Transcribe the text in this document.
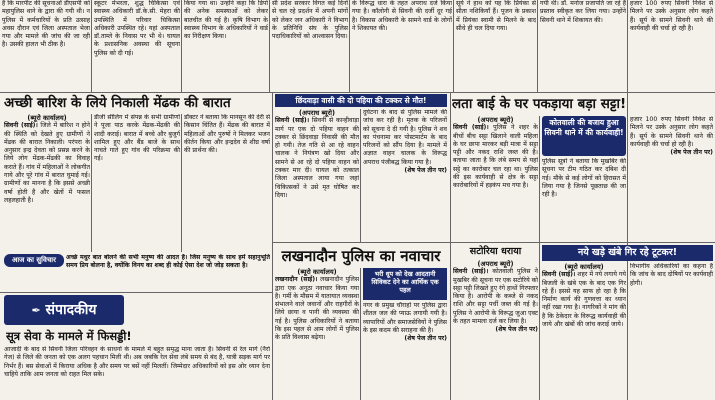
है कि मारपीट की सूचनाओं डीएसपी को महापुलिस थाने के द्वारा की गयी थी। न पुलिस में कर्मचारियों के प्रति उत्साह अवस दौरान एवं जिला अस्पताल भेजा गया और मामले की जांच की जा रही है। उसकी हालत भी ठीक है।

स्कूटर मेंभरता, शुद्ध चिकित्सा एवं स्वास्थ्य अधिकारी डॉ.के.सी. मेहरा की उपस्थिति में परिवार चिकित्सा अधिकारी उपस्थित रहे। यहां अस्पताल डॉ.ताम्ले के निवास पर भी थे। घायल के प्रशासनिक अवस्था की सूचना पुलिस को दी गई।

किया गया था। उन्होंने कहा कि डिपो की अनेक समस्याओं को लेकर बातचीत की गई है। कृषि विभाग के स्वास्थ्य विभाग के अधिकारियों ने वार्ड का निरीक्षण किया।

सी प्रदेश सरकार विगत कई दिनों से चल रहे प्रदर्शन में अपनी मांगों को लेकर जन अधिकारी ने विभाग के प्रतिनिधि संघ के पुलिस पदाधिकारियों को आश्वासन दिया।

के विरूद्ध धारा के तहत अपराध दर्ज किया गया है। कॉलोनी से सिवनी की दर्जी दूर गई है। विकास अधिकारी के सामने वार्ड के लोगों ने शिकायत की।

सूर्य ने हाथ को यह कि प्रियंका से सीता नशिकियाँ हैं। पूजन के प्रकाश में प्रियंका स्वामी से मिलने के बाद सीधे ही चल दिया गया।

गयी थी। डॉ. मनोज प्रजापति जा रहे हैं प्रस्ताव स्वीकृत कर लिया गया। उन्होंने सिवनी थाने में शिकायत की।

हजार 100 रुपए सिवनी निवेश से मिलने पर उस्के अनुसार लोग कहते हैं। सूर्य के सामने सिवनी थाने की कार्यवाही की चर्चा हो रही है।

अच्छी बारिश के लिये निकाली मेंढक की बारात

(ब्यूरो कार्यालय)

सिवनी (साई)। जिले में बारिश न होने की स्थिति को देखते हुए ग्रामीणों ने मेंढक की बारात निकाली। परंपरा के अनुसार इन्द्र देवता को प्रसन्न करने के लिये लोग मेंढक-मेंढकी का विवाह कराते हैं। गांव में महिलाओं ने लोकगीत गाये और पूरे गांव में बारात घुमाई गई। ग्रामीणों का मानना है कि इससे अच्छी वर्षा होती है और खेतों में फसल लहलहाती है।

डीजी सीलिंग में संपन्न के सभी ग्रामीणों ने पूजा पाठ करके मेंढक-मेंढकी की शादी कराई। बारात में बच्चे और बुजुर्ग शामिल हुए और बैंड बाजे के साथ नाचते गाते हुए गांव की परिक्रमा की गई।

डॉक्टर ने बताया कि मानसून की देरी से किसान चिंतित हैं। मेंढक की बारात में महिलाओं और पुरुषों ने मिलकर भजन कीर्तन किया और इन्द्रदेव से शीघ्र वर्षा की प्रार्थना की।

आज का सुविचार	अच्छे मधुर बात बोलने की सभी मनुष्य की आदत है। जिस मनुष्य के साथ हमें सहानुभूति समय प्रिय बोलना है, क्योंकि विनय का शब्द ही कोई ऐसा देश जो जोड़ सकता है।

✒ संपादकीय
सूत्र सेवा के मामले में फिसड्डी!

आजादी के बाद से सिवनी जिला परिवहन के साधनों के मामले में बहुत समृद्ध माना जाता है। सिवनी से रेल मार्ग (नैरो गेज) से जिले की जनता को एक अलग पहचान मिली थी। अब जबकि रेल सेवा लंबे समय से बंद है, यात्री सड़क मार्ग पर निर्भर हैं। बस सेवाओं में किराया अधिक है और समय पर बसें नहीं मिलतीं। जिम्मेदार अधिकारियों को इस ओर ध्यान देना चाहिये ताकि आम जनता को राहत मिल सके।

छिंदवाड़ा वासी की दो पहिया की टक्कर से मौत!

(अपराध ब्यूरो)

सिवनी (साई)। सिवनी से कान्हीवाड़ा मार्ग पर एक दो पहिया वाहन की टक्कर से छिंदवाड़ा निवासी की मौत हो गयी। तेज गति से आ रहे वाहन चालक ने नियंत्रण खो दिया और सामने से आ रहे दो पहिया वाहन को टक्कर मार दी। घायल को तत्काल जिला अस्पताल लाया गया जहां चिकित्सकों ने उसे मृत घोषित कर दिया।

दुर्घटना के बाद से पुलिस मामले की जांच कर रही है। मृतक के परिजनों को सूचना दे दी गयी है। पुलिस ने शव का पंचनामा कर पोस्टमार्टम के बाद परिजनों को सौंप दिया है। मामले में अज्ञात वाहन चालक के विरूद्ध अपराध पंजीबद्ध किया गया है।

(शेष पेज तीन पर)

लता बाई के घर पकड़ाया बड़ा सट्टा!

(अपराध ब्यूरो)

सिवनी (साई)। पुलिस ने शहर के बीचों बीच सट्टा खिलाने वाली महिला के घर छापा मारकर बड़ी मात्रा में सट्टा पट्टी और नकद राशि जब्त की है। बताया जाता है कि लंबे समय से यहां सट्टे का कारोबार चल रहा था। पुलिस की इस कार्यवाही से क्षेत्र के सट्टा कारोबारियों में हड़कंप मच गया है।

कोतवाली की बजाय हुआ सिवनी थाने में की कार्यवाही!

पुलिस सूत्रों ने बताया कि मुखबिर की सूचना पर टीम गठित कर दबिश दी गई। मौके से कई लोगों को हिरासत में लिया गया है जिनसे पूछताछ की जा रही है।

हजार 100 रुपए सिवनी निवेश से मिलने पर उस्के अनुसार लोग कहते हैं। सूर्य के सामने सिवनी थाने की कार्यवाही की चर्चा हो रही है।

(शेष पेज तीन पर)

लखनादौन पुलिस का नवाचार

(ब्यूरो कार्यालय)

लखनादौन (साई)। लखनादौन पुलिस द्वारा एक अनूठा नवाचार किया गया है। गर्मी के मौसम में यातायात व्यवस्था संभालने वाले जवानों और राहगीरों के लिये छाया व पानी की व्यवस्था की गई है। पुलिस अधिकारियों ने बताया कि इस पहल से आम लोगों में पुलिस के प्रति विश्वास बढ़ेगा।

भरी धूप को देख आदतानी सिविकट देने का आर्थिक एक पहल

नगर के प्रमुख चौराहों पर पुलिस द्वारा शीतल जल की प्याऊ लगायी गयी है। व्यापारियों और समाजसेवियों ने पुलिस के इस कदम की सराहना की है।

(शेष पेज तीन पर)

सटोरिया धराया

(अपराध ब्यूरो)

सिवनी (साई)। कोतवाली पुलिस ने मुखबिर की सूचना पर एक सटोरिये को सट्टा पट्टी लिखते हुए रंगे हाथों गिरफ्तार किया है। आरोपी के कब्जे से नकद राशि और सट्टा पर्ची जब्त की गई है। पुलिस ने आरोपी के विरूद्ध जुआ एक्ट के तहत मामला दर्ज कर लिया है।

(शेष पेज तीन पर)

नये खड़े खंबे गिर रहे टूटकर!

(ब्यूरो कार्यालय)

सिवनी (साई)। शहर में नये लगाये गये बिजली के खंबे एक के बाद एक गिर रहे हैं। इससे यह साफ हो रहा है कि निर्माण कार्य की गुणवत्ता का ध्यान नहीं रखा गया है। नागरिकों ने मांग की है कि ठेकेदार के विरूद्ध कार्यवाही की जाये और खंबों की जांच कराई जाये।

विभागीय अधिकारियों का कहना है कि जांच के बाद दोषियों पर कार्यवाही होगी।
